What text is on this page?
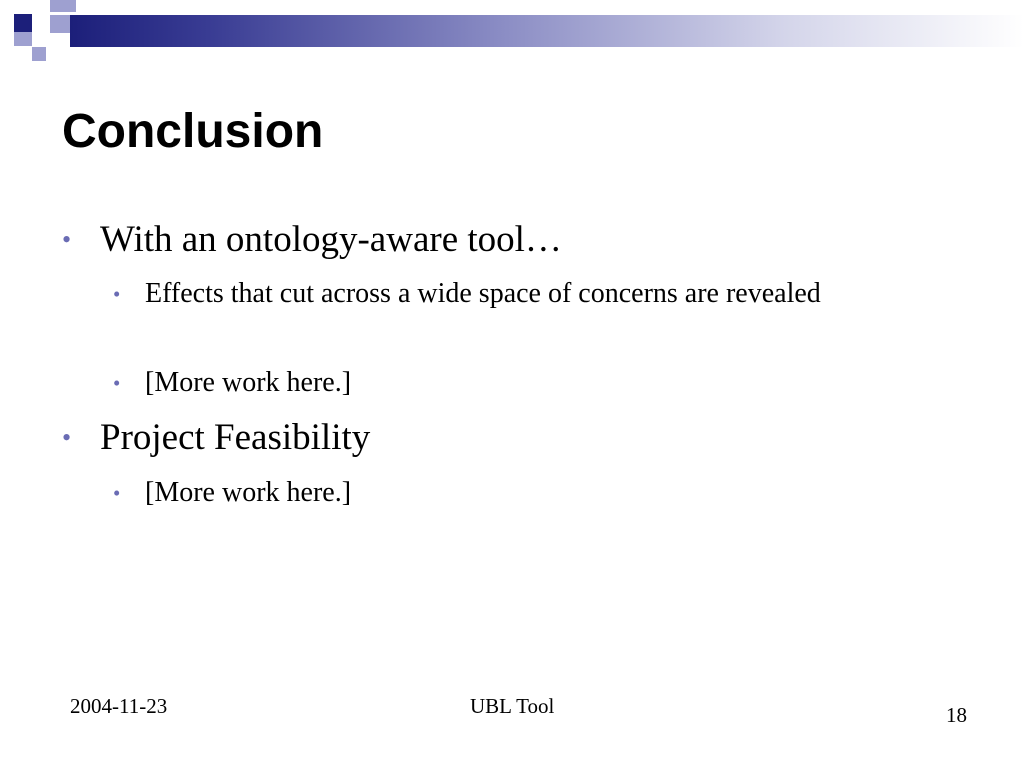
Conclusion
• With an ontology-aware tool…
• Effects that cut across a wide space of concerns are revealed
• [More work here.]
• Project Feasibility
• [More work here.]
2004-11-23	UBL Tool	18
